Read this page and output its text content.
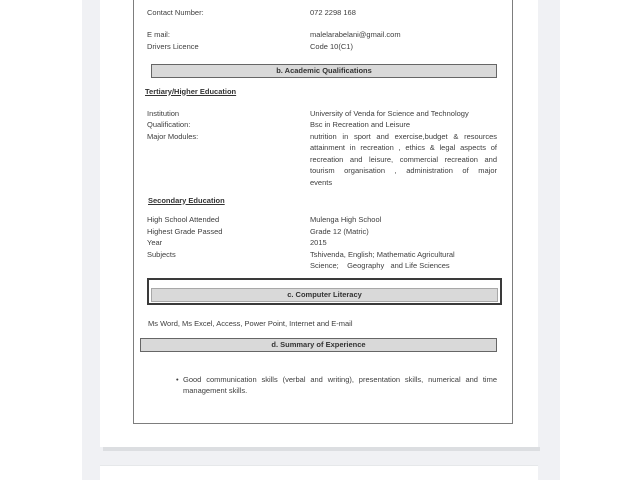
Contact Number:	072 2298 168
E mail:	malelarabelani@gmail.com
Drivers Licence	Code 10(C1)
b. Academic Qualifications
Tertiary/Higher Education
Institution	University of Venda for Science and Technology
Qualification:	Bsc in Recreation and Leisure
Major Modules:	nutrition in sport and exercise,budget & resources
attainment in recreation , ethics & legal aspects of
recreation and leisure, commercial recreation and
tourism organisation , administration of major
events
Secondary Education
High School Attended	Mulenga High School
Highest Grade Passed	Grade 12 (Matric)
Year	2015
Subjects	Tshivenda, English; Mathematic Agricultural
Science;    Geography   and Life Sciences
c. Computer Literacy
Ms Word, Ms Excel, Access, Power Point, Internet and E-mail
d. Summary of Experience
• Good communication skills (verbal and writing), presentation skills, numerical and time
management skills.
